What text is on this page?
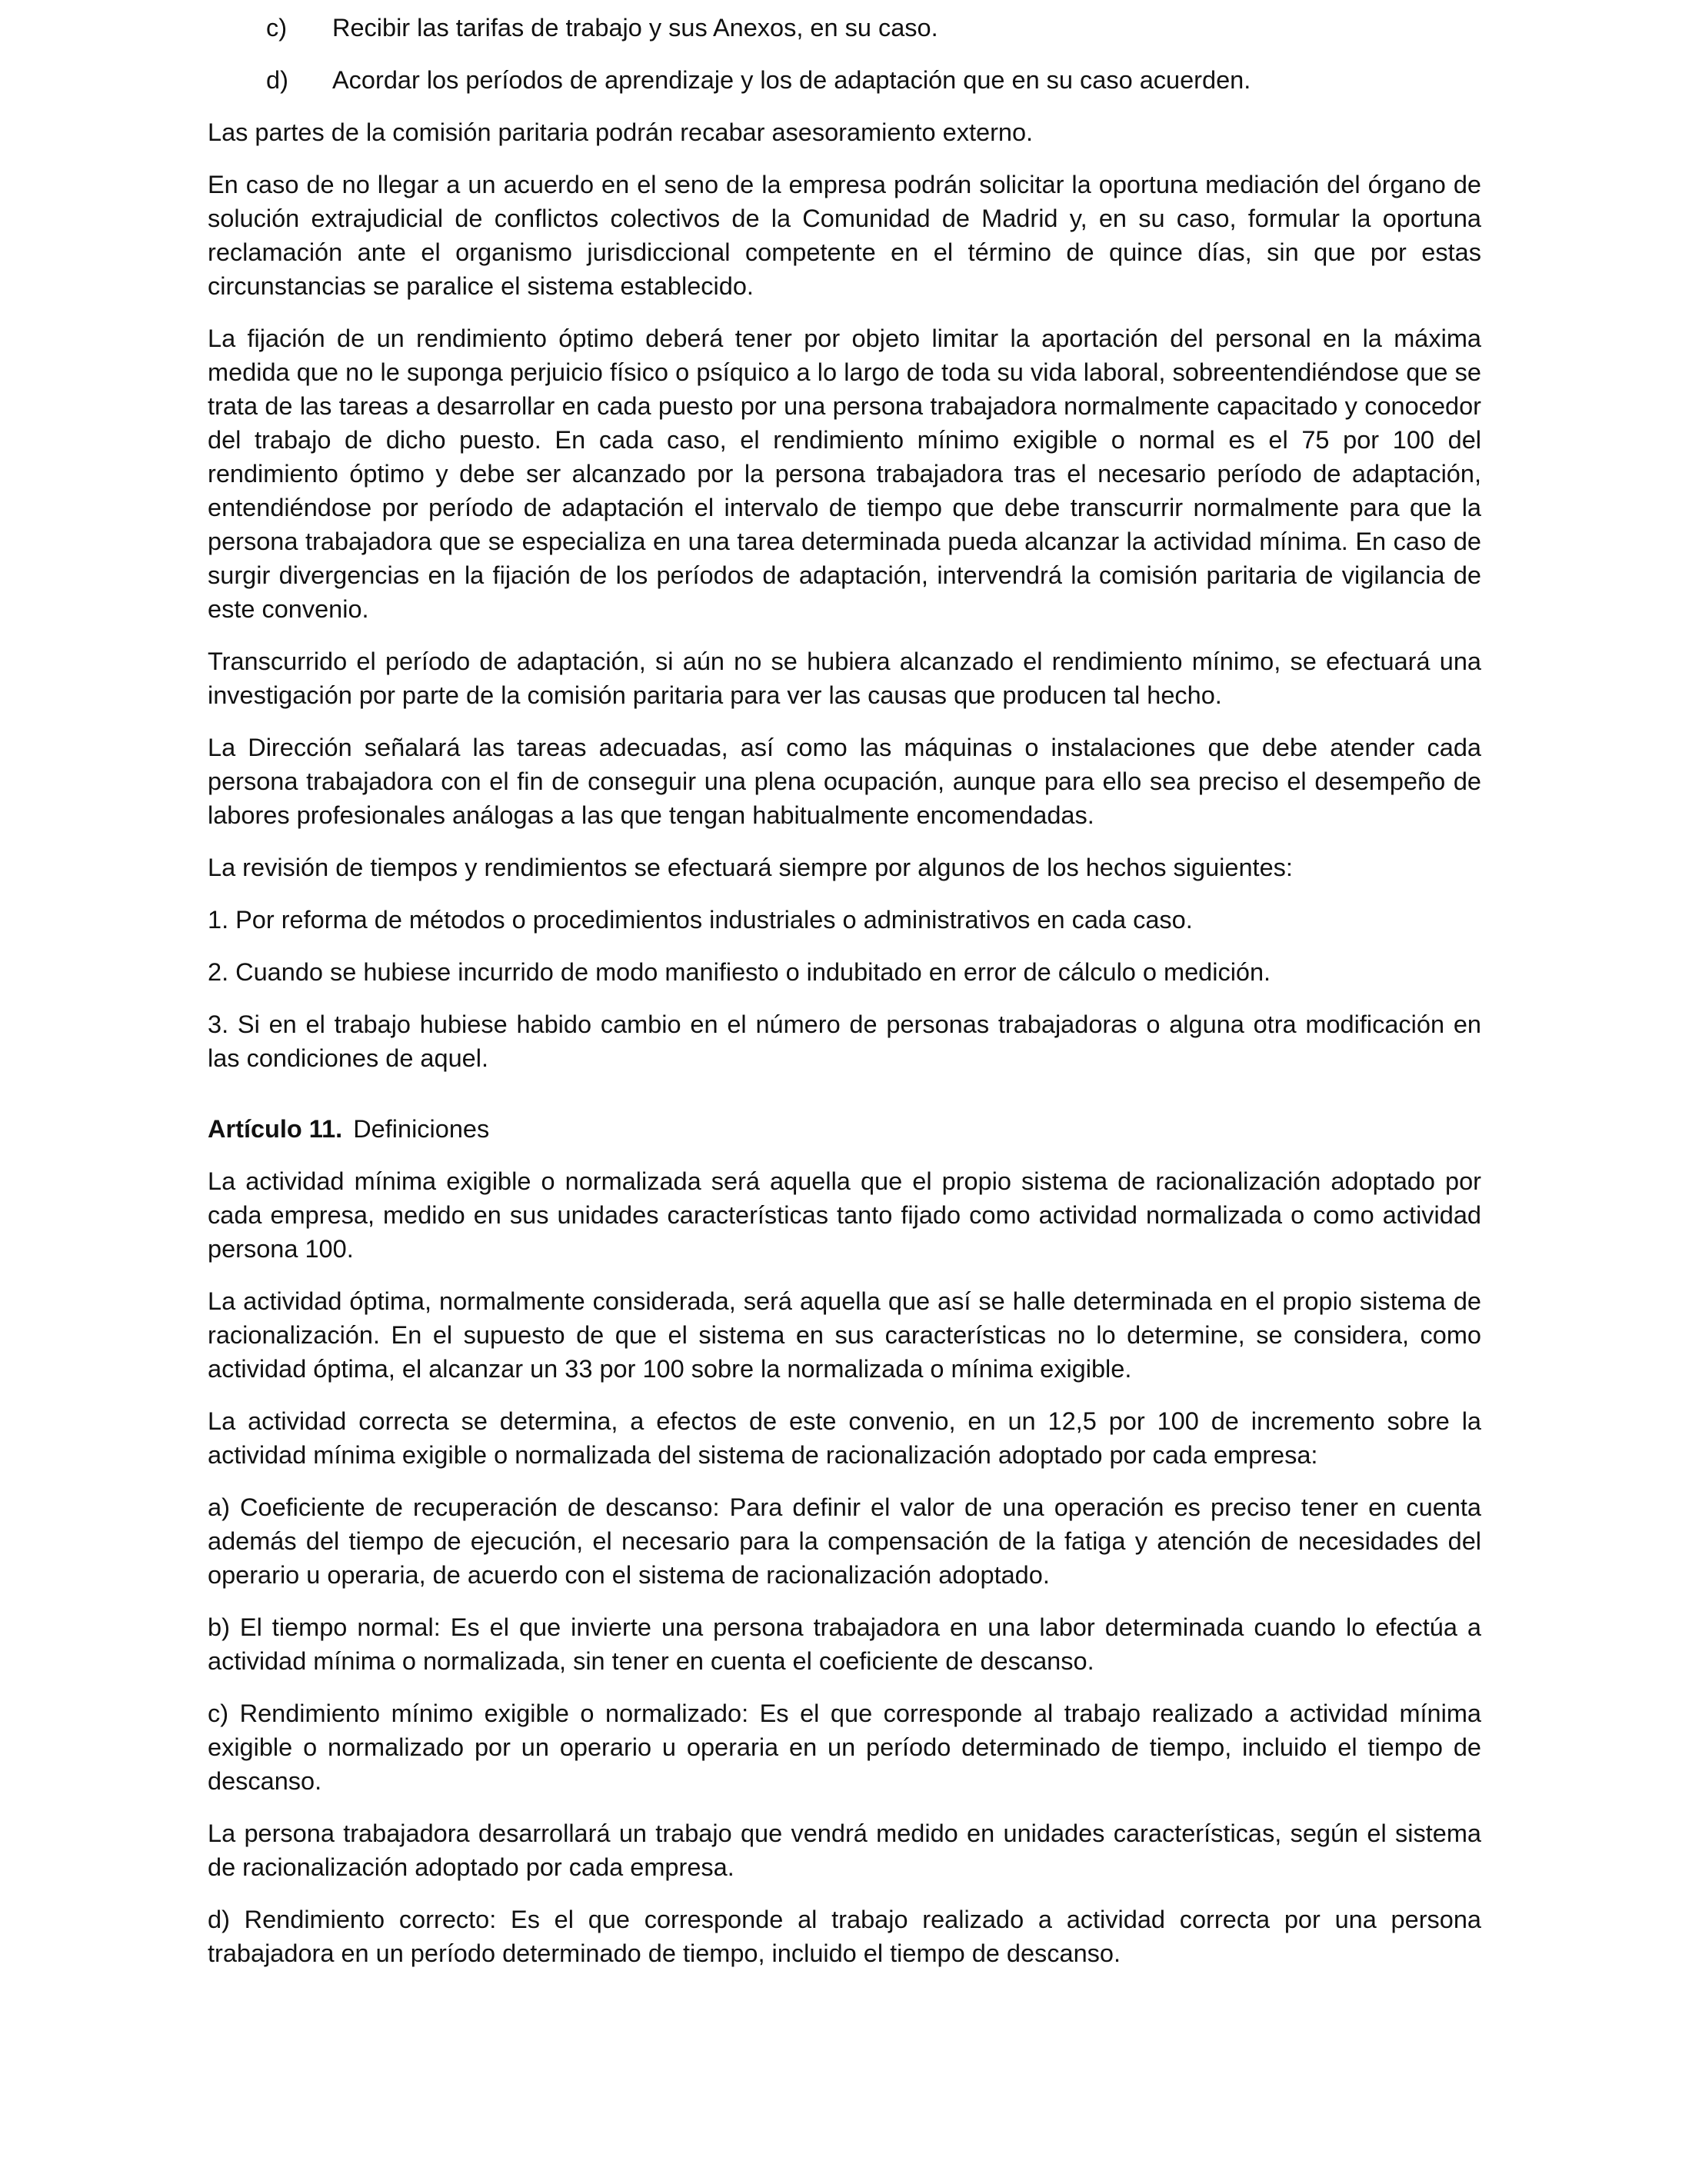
c)	Recibir las tarifas de trabajo y sus Anexos, en su caso.
d)	Acordar los períodos de aprendizaje y los de adaptación que en su caso acuerden.

Las partes de la comisión paritaria podrán recabar asesoramiento externo.

En caso de no llegar a un acuerdo en el seno de la empresa podrán solicitar la oportuna mediación del órgano de solución extrajudicial de conflictos colectivos de la Comunidad de Madrid y, en su caso, formular la oportuna reclamación ante el organismo jurisdiccional competente en el término de quince días, sin que por estas circunstancias se paralice el sistema establecido.

La fijación de un rendimiento óptimo deberá tener por objeto limitar la aportación del personal en la máxima medida que no le suponga perjuicio físico o psíquico a lo largo de toda su vida laboral, sobreentendiéndose que se trata de las tareas a desarrollar en cada puesto por una persona trabajadora normalmente capacitado y conocedor del trabajo de dicho puesto. En cada caso, el rendimiento mínimo exigible o normal es el 75 por 100 del rendimiento óptimo y debe ser alcanzado por la persona trabajadora tras el necesario período de adaptación, entendiéndose por período de adaptación el intervalo de tiempo que debe transcurrir normalmente para que la persona trabajadora que se especializa en una tarea determinada pueda alcanzar la actividad mínima. En caso de surgir divergencias en la fijación de los períodos de adaptación, intervendrá la comisión paritaria de vigilancia de este convenio.

Transcurrido el período de adaptación, si aún no se hubiera alcanzado el rendimiento mínimo, se efectuará una investigación por parte de la comisión paritaria para ver las causas que producen tal hecho.

La Dirección señalará las tareas adecuadas, así como las máquinas o instalaciones que debe atender cada persona trabajadora con el fin de conseguir una plena ocupación, aunque para ello sea preciso el desempeño de labores profesionales análogas a las que tengan habitualmente encomendadas.

La revisión de tiempos y rendimientos se efectuará siempre por algunos de los hechos siguientes:

1. Por reforma de métodos o procedimientos industriales o administrativos en cada caso.

2. Cuando se hubiese incurrido de modo manifiesto o indubitado en error de cálculo o medición.

3. Si en el trabajo hubiese habido cambio en el número de personas trabajadoras o alguna otra modificación en las condiciones de aquel.

Artículo 11. Definiciones

La actividad mínima exigible o normalizada será aquella que el propio sistema de racionalización adoptado por cada empresa, medido en sus unidades características tanto fijado como actividad normalizada o como actividad persona 100.

La actividad óptima, normalmente considerada, será aquella que así se halle determinada en el propio sistema de racionalización. En el supuesto de que el sistema en sus características no lo determine, se considera, como actividad óptima, el alcanzar un 33 por 100 sobre la normalizada o mínima exigible.

La actividad correcta se determina, a efectos de este convenio, en un 12,5 por 100 de incremento sobre la actividad mínima exigible o normalizada del sistema de racionalización adoptado por cada empresa:

a) Coeficiente de recuperación de descanso: Para definir el valor de una operación es preciso tener en cuenta además del tiempo de ejecución, el necesario para la compensación de la fatiga y atención de necesidades del operario u operaria, de acuerdo con el sistema de racionalización adoptado.

b) El tiempo normal: Es el que invierte una persona trabajadora en una labor determinada cuando lo efectúa a actividad mínima o normalizada, sin tener en cuenta el coeficiente de descanso.

c) Rendimiento mínimo exigible o normalizado: Es el que corresponde al trabajo realizado a actividad mínima exigible o normalizado por un operario u operaria en un período determinado de tiempo, incluido el tiempo de descanso.

La persona trabajadora desarrollará un trabajo que vendrá medido en unidades características, según el sistema de racionalización adoptado por cada empresa.

d) Rendimiento correcto: Es el que corresponde al trabajo realizado a actividad correcta por una persona trabajadora en un período determinado de tiempo, incluido el tiempo de descanso.
